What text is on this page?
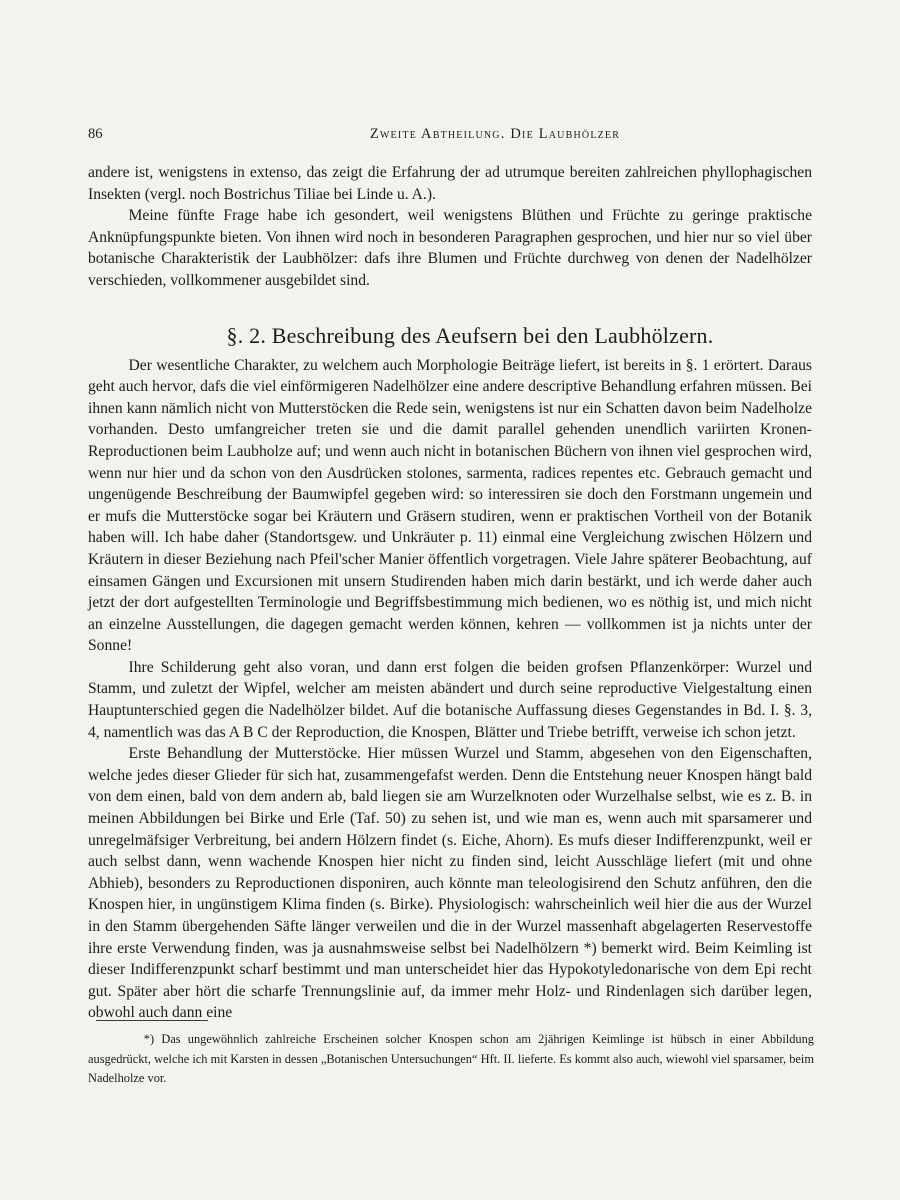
86	Zweite Abtheilung. Die Laubhölzer

andere ist, wenigstens in extenso, das zeigt die Erfahrung der ad utrumque bereiten zahlreichen phyllophagischen Insekten (vergl. noch Bostrichus Tiliae bei Linde u. A.).

Meine fünfte Frage habe ich gesondert, weil wenigstens Blüthen und Früchte zu geringe praktische Anknüpfungspunkte bieten. Von ihnen wird noch in besonderen Paragraphen gesprochen, und hier nur so viel über botanische Charakteristik der Laubhölzer: dafs ihre Blumen und Früchte durchweg von denen der Nadelhölzer verschieden, vollkommener ausgebildet sind.

§. 2. Beschreibung des Aeufsern bei den Laubhölzern.

Der wesentliche Charakter, zu welchem auch Morphologie Beiträge liefert, ist bereits in §. 1 erörtert. Daraus geht auch hervor, dafs die viel einförmigeren Nadelhölzer eine andere descriptive Behandlung erfahren müssen. Bei ihnen kann nämlich nicht von Mutterstöcken die Rede sein, wenigstens ist nur ein Schatten davon beim Nadelholze vorhanden. Desto umfangreicher treten sie und die damit parallel gehenden unendlich variirten Kronen-Reproductionen beim Laubholze auf; und wenn auch nicht in botanischen Büchern von ihnen viel gesprochen wird, wenn nur hier und da schon von den Ausdrücken stolones, sarmenta, radices repentes etc. Gebrauch gemacht und ungenügende Beschreibung der Baumwipfel gegeben wird: so interessiren sie doch den Forstmann ungemein und er mufs die Mutterstöcke sogar bei Kräutern und Gräsern studiren, wenn er praktischen Vortheil von der Botanik haben will. Ich habe daher (Standortsgew. und Unkräuter p. 11) einmal eine Vergleichung zwischen Hölzern und Kräutern in dieser Beziehung nach Pfeil'scher Manier öffentlich vorgetragen. Viele Jahre späterer Beobachtung, auf einsamen Gängen und Excursionen mit unsern Studirenden haben mich darin bestärkt, und ich werde daher auch jetzt der dort aufgestellten Terminologie und Begriffsbestimmung mich bedienen, wo es nöthig ist, und mich nicht an einzelne Ausstellungen, die dagegen gemacht werden können, kehren — vollkommen ist ja nichts unter der Sonne!

Ihre Schilderung geht also voran, und dann erst folgen die beiden grofsen Pflanzenkörper: Wurzel und Stamm, und zuletzt der Wipfel, welcher am meisten abändert und durch seine reproductive Vielgestaltung einen Hauptunterschied gegen die Nadelhölzer bildet. Auf die botanische Auffassung dieses Gegenstandes in Bd. I. §. 3, 4, namentlich was das A B C der Reproduction, die Knospen, Blätter und Triebe betrifft, verweise ich schon jetzt.

Erste Behandlung der Mutterstöcke. Hier müssen Wurzel und Stamm, abgesehen von den Eigenschaften, welche jedes dieser Glieder für sich hat, zusammengefafst werden. Denn die Entstehung neuer Knospen hängt bald von dem einen, bald von dem andern ab, bald liegen sie am Wurzelknoten oder Wurzelhalse selbst, wie es z. B. in meinen Abbildungen bei Birke und Erle (Taf. 50) zu sehen ist, und wie man es, wenn auch mit sparsamerer und unregelmäfsiger Verbreitung, bei andern Hölzern findet (s. Eiche, Ahorn). Es mufs dieser Indifferenzpunkt, weil er auch selbst dann, wenn wachende Knospen hier nicht zu finden sind, leicht Ausschläge liefert (mit und ohne Abhieb), besonders zu Reproductionen disponiren, auch könnte man teleologisirend den Schutz anführen, den die Knospen hier, in ungünstigem Klima finden (s. Birke). Physiologisch: wahrscheinlich weil hier die aus der Wurzel in den Stamm übergehenden Säfte länger verweilen und die in der Wurzel massenhaft abgelagerten Reservestoffe ihre erste Verwendung finden, was ja ausnahmsweise selbst bei Nadelhölzern *) bemerkt wird. Beim Keimling ist dieser Indifferenzpunkt scharf bestimmt und man unterscheidet hier das Hypokotyledonarische von dem Epi recht gut. Später aber hört die scharfe Trennungslinie auf, da immer mehr Holz- und Rindenlagen sich darüber legen, obwohl auch dann eine

*) Das ungewöhnlich zahlreiche Erscheinen solcher Knospen schon am 2jährigen Keimlinge ist hübsch in einer Abbildung ausgedrückt, welche ich mit Karsten in dessen „Botanischen Untersuchungen“ Hft. II. lieferte. Es kommt also auch, wiewohl viel sparsamer, beim Nadelholze vor.
